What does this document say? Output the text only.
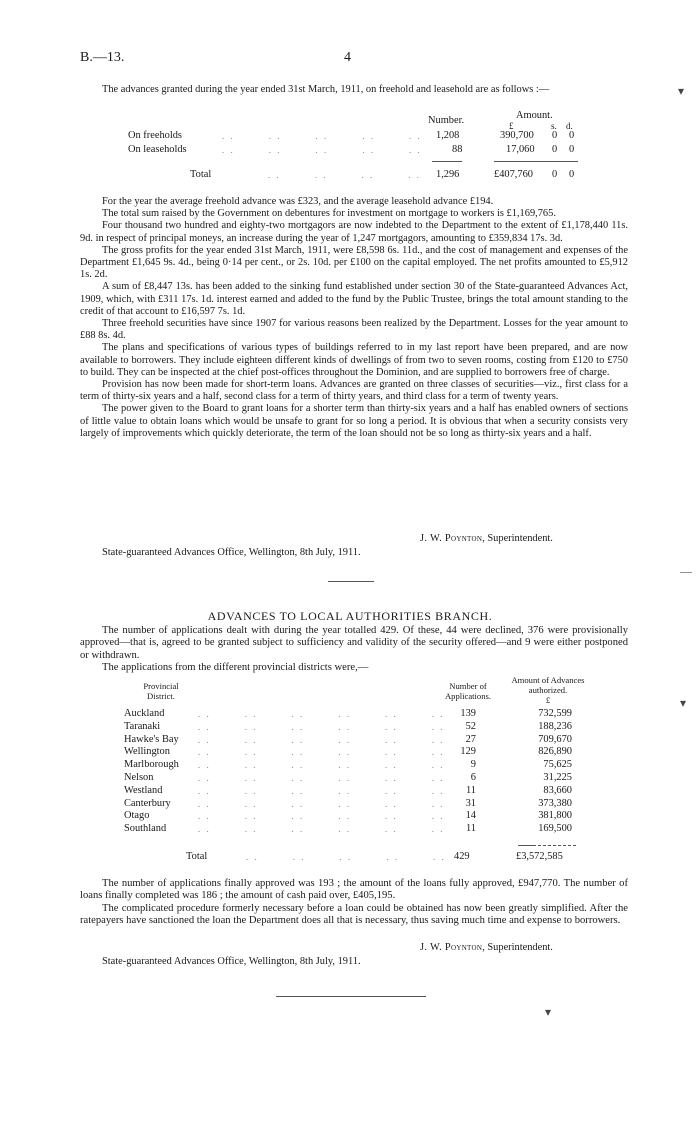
B.—13.	4
▾
—
▾
▾

The advances granted during the year ended 31st March, 1911, on freehold and leasehold are as follows :—

Number.	Amount.
£	s. d.
On freeholds	. .        . .        . .        . .        . . 1,208	390,700 0 0
On leaseholds	. .        . .        . .        . .        . .	88	17,060 0 0
Total	. .        . .        . .        . . 1,296	£407,760 0 0

For the year the average freehold advance was £323, and the average leasehold advance £194.

The total sum raised by the Government on debentures for investment on mortgage to workers is £1,169,765.

Four thousand two hundred and eighty-two mortgagors are now indebted to the Department to the extent of £1,178,440 11s. 9d. in respect of principal moneys, an increase during the year of 1,247 mortgagors, amounting to £359,834 17s. 3d.

The gross profits for the year ended 31st March, 1911, were £8,598 6s. 11d., and the cost of management and expenses of the Department £1,645 9s. 4d., being 0·14 per cent., or 2s. 10d. per £100 on the capital employed. The net profits amounted to £5,912 1s. 2d.

A sum of £8,447 13s. has been added to the sinking fund established under section 30 of the State-guaranteed Advances Act, 1909, which, with £311 17s. 1d. interest earned and added to the fund by the Public Trustee, brings the total amount standing to the credit of that account to £16,597 7s. 1d.

Three freehold securities have since 1907 for various reasons been realized by the Department. Losses for the year amount to £88 8s. 4d.

The plans and specifications of various types of buildings referred to in my last report have been prepared, and are now available to borrowers. They include eighteen different kinds of dwellings of from two to seven rooms, costing from £120 to £750 to build. They can be inspected at the chief post-offices throughout the Dominion, and are supplied to borrowers free of charge.

Provision has now been made for short-term loans. Advances are granted on three classes of securities—viz., first class for a term of thirty-six years and a half, second class for a term of thirty years, and third class for a term of twenty years.

The power given to the Board to grant loans for a shorter term than thirty-six years and a half has enabled owners of sections of little value to obtain loans which would be unsafe to grant for so long a period. It is obvious that when a security consists very largely of improvements which quickly deteriorate, the term of the loan should not be so long as thirty-six years and a half.

J. W. Poynton, Superintendent.
State-guaranteed Advances Office, Wellington, 8th July, 1911.
ADVANCES TO LOCAL AUTHORITIES BRANCH.

The number of applications dealt with during the year totalled 429. Of these, 44 were declined, 376 were provisionally approved—that is, agreed to be granted subject to sufficiency and validity of the security offered—and 9 were either postponed or withdrawn.

The applications from the different provincial districts were,—

Provincial District.
Number of Applications.
Amount of Advances authorized.
£
Auckland	. .        . .        . .        . .        . .        . .	139	732,599
Taranaki	. .        . .        . .        . .        . .        . .	52	188,236
Hawke's Bay . .        . .        . .        . .        . .        . .	27	709,670
Wellington	. .        . .        . .        . .        . .        . .	129	826,890
Marlborough . .        . .        . .        . .        . .        . .	9	75,625
Nelson	. .        . .        . .        . .        . .        . .	6	31,225
Westland	. .        . .        . .        . .        . .        . .	11	83,660
Canterbury	. .        . .        . .        . .        . .        . .	31	373,380
Otago	. .        . .        . .        . .        . .        . .	14	381,800
Southland	. .        . .        . .        . .        . .        . .	11	169,500
Total	. .        . .        . .        . .        . . 429	£3,572,585

The number of applications finally approved was 193 ; the amount of the loans fully approved, £947,770. The number of loans finally completed was 186 ; the amount of cash paid over, £405,195.

The complicated procedure formerly necessary before a loan could be obtained has now been greatly simplified. After the ratepayers have sanctioned the loan the Department does all that is necessary, thus saving much time and expense to borrowers.

J. W. Poynton, Superintendent.
State-guaranteed Advances Office, Wellington, 8th July, 1911.
